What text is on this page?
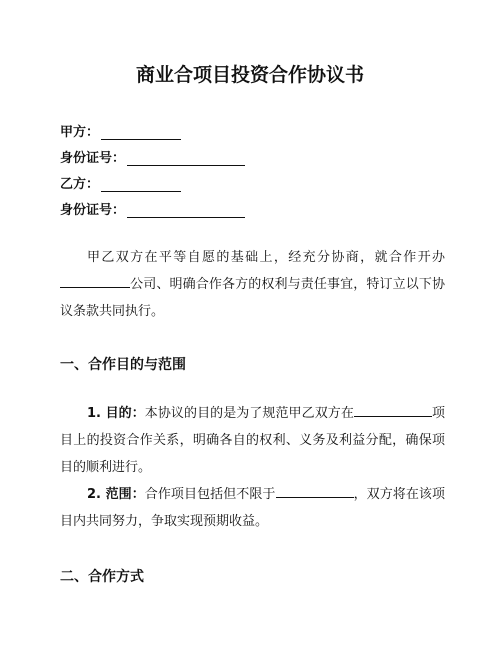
商业合项目投资合作协议书
甲方：
身份证号：
乙方：
身份证号：
甲乙双方在平等自愿的基础上，经充分协商，就合作开办公司、明确合作各方的权利与责任事宜，特订立以下协议条款共同执行。
一、合作目的与范围
1. 目的：本协议的目的是为了规范甲乙双方在	项目上的投资合作关系，明确各自的权利、义务及利益分配，确保项目的顺利进行。
2. 范围：合作项目包括但不限于	，双方将在该项目内共同努力，争取实现预期收益。
二、合作方式
